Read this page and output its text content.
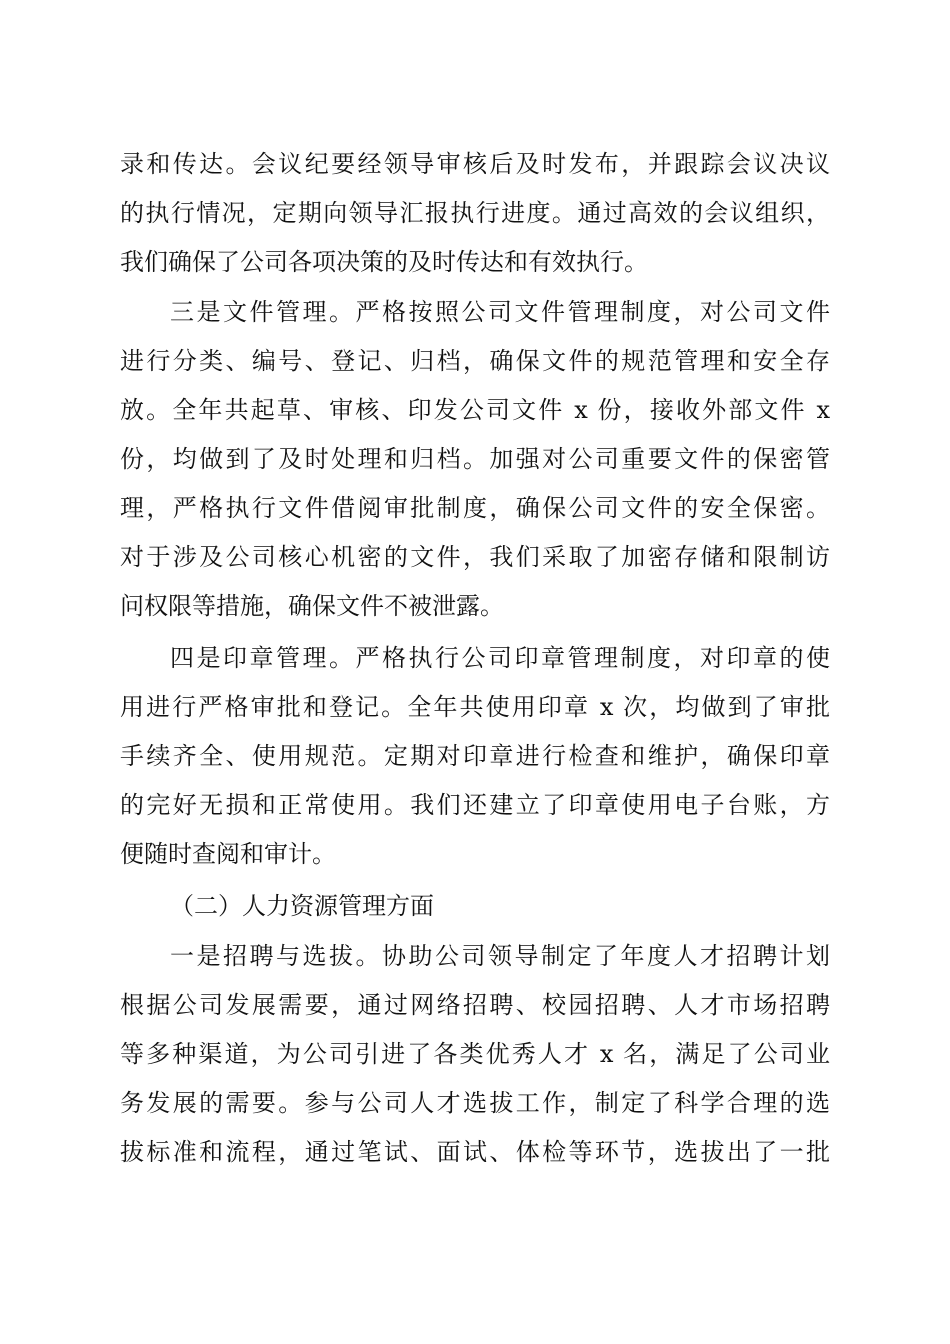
录和传达。会议纪要经领导审核后及时发布，并跟踪会议决议
的执行情况，定期向领导汇报执行进度。通过高效的会议组织，
我们确保了公司各项决策的及时传达和有效执行。
三是文件管理。严格按照公司文件管理制度，对公司文件
进行分类、编号、登记、归档，确保文件的规范管理和安全存
放。全年共起草、审核、印发公司文件 x 份，接收外部文件 x
份，均做到了及时处理和归档。加强对公司重要文件的保密管
理，严格执行文件借阅审批制度，确保公司文件的安全保密。
对于涉及公司核心机密的文件，我们采取了加密存储和限制访
问权限等措施，确保文件不被泄露。
四是印章管理。严格执行公司印章管理制度，对印章的使
用进行严格审批和登记。全年共使用印章 x 次，均做到了审批
手续齐全、使用规范。定期对印章进行检查和维护，确保印章
的完好无损和正常使用。我们还建立了印章使用电子台账，方
便随时查阅和审计。
（二）人力资源管理方面
一是招聘与选拔。协助公司领导制定了年度人才招聘计划
根据公司发展需要，通过网络招聘、校园招聘、人才市场招聘
等多种渠道，为公司引进了各类优秀人才 x 名，满足了公司业
务发展的需要。参与公司人才选拔工作，制定了科学合理的选
拔标准和流程，通过笔试、面试、体检等环节，选拔出了一批
